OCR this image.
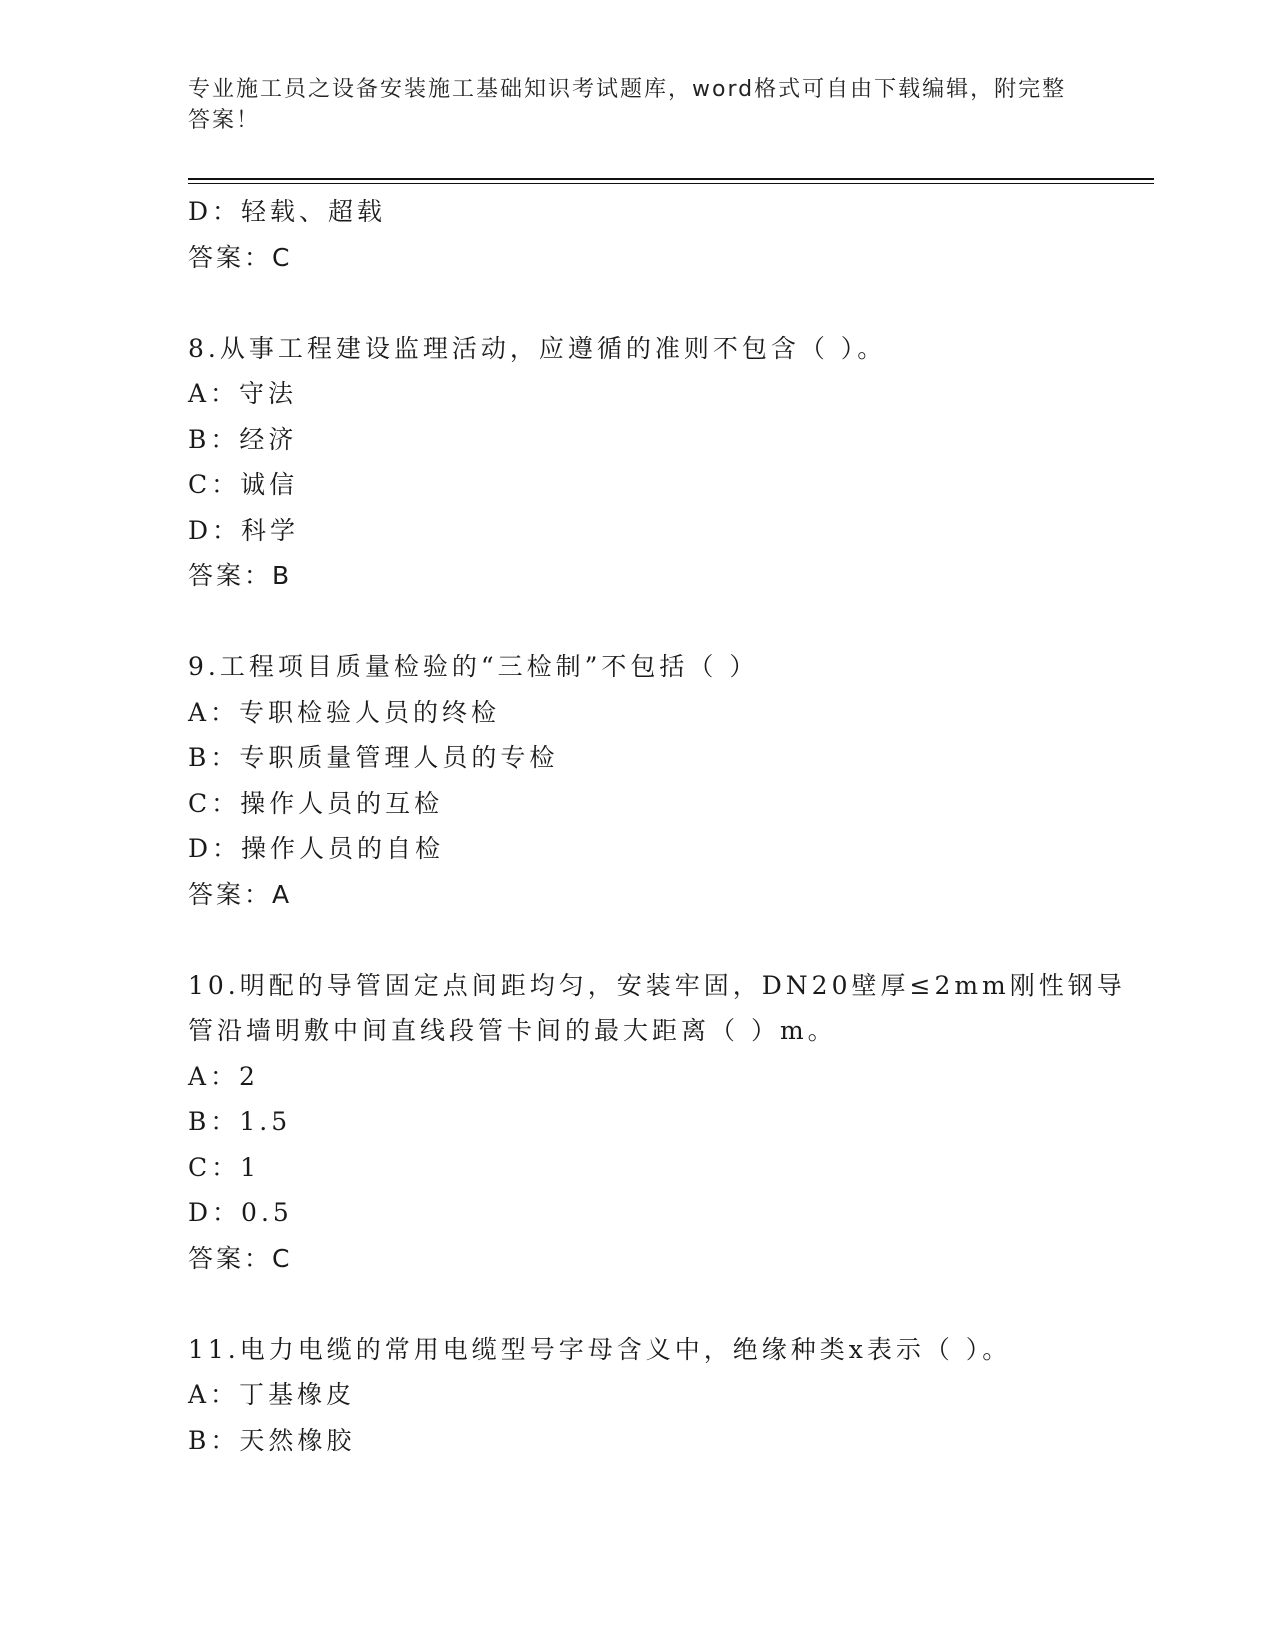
专业施工员之设备安装施工基础知识考试题库，word格式可自由下载编辑，附完整答案！
D：轻载、超载
答案：C
8.从事工程建设监理活动，应遵循的准则不包含（ ）。
A：守法
B：经济
C：诚信
D：科学
答案：B
9.工程项目质量检验的“三检制”不包括（ ）
A：专职检验人员的终检
B：专职质量管理人员的专检
C：操作人员的互检
D：操作人员的自检
答案：A
10.明配的导管固定点间距均匀，安装牢固，DN20壁厚≤2mm刚性钢导
管沿墙明敷中间直线段管卡间的最大距离（ ）m。
A：2
B：1.5
C：1
D：0.5
答案：C
11.电力电缆的常用电缆型号字母含义中，绝缘种类x表示（ ）。
A：丁基橡皮
B：天然橡胶
